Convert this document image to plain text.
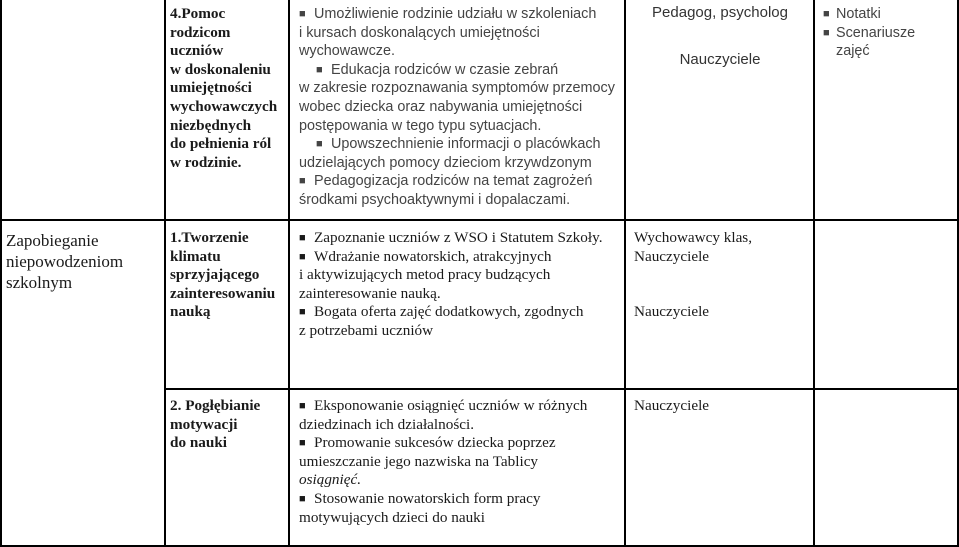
4.Pomoc
rodzicom
uczniów
w doskonaleniu
umiejętności
wychowawczych
niezbędnych
do pełnienia ról
w rodzinie.
■ Umożliwienie rodzinie udziału w szkoleniach
i kursach doskonalących umiejętności
wychowawcze.
■ Edukacja rodziców w czasie zebrań
w zakresie rozpoznawania symptomów przemocy
wobec dziecka oraz nabywania umiejętności
postępowania w tego typu sytuacjach.
■ Upowszechnienie informacji o placówkach
udzielających pomocy dzieciom krzywdzonym
■ Pedagogizacja rodziców na temat zagrożeń
środkami psychoaktywnymi i dopalaczami.
Pedagog, psycholog
Nauczyciele
■ Notatki
■ Scenariusze
zajęć
Zapobieganie
niepowodzeniom
szkolnym
1.Tworzenie
klimatu
sprzyjającego
zainteresowaniu
nauką
■ Zapoznanie uczniów z WSO i Statutem Szkoły.
■ Wdrażanie nowatorskich, atrakcyjnych
i aktywizujących metod pracy budzących
zainteresowanie nauką.
■ Bogata oferta zajęć dodatkowych, zgodnych
z potrzebami uczniów
Wychowawcy klas,
Nauczyciele
Nauczyciele
2. Pogłębianie
motywacji
do nauki
■ Eksponowanie osiągnięć uczniów w różnych
dziedzinach ich działalności.
■ Promowanie sukcesów dziecka poprzez
umieszczanie jego nazwiska na Tablicy
osiągnięć.
■ Stosowanie nowatorskich form pracy
motywujących dzieci do nauki
Nauczyciele
